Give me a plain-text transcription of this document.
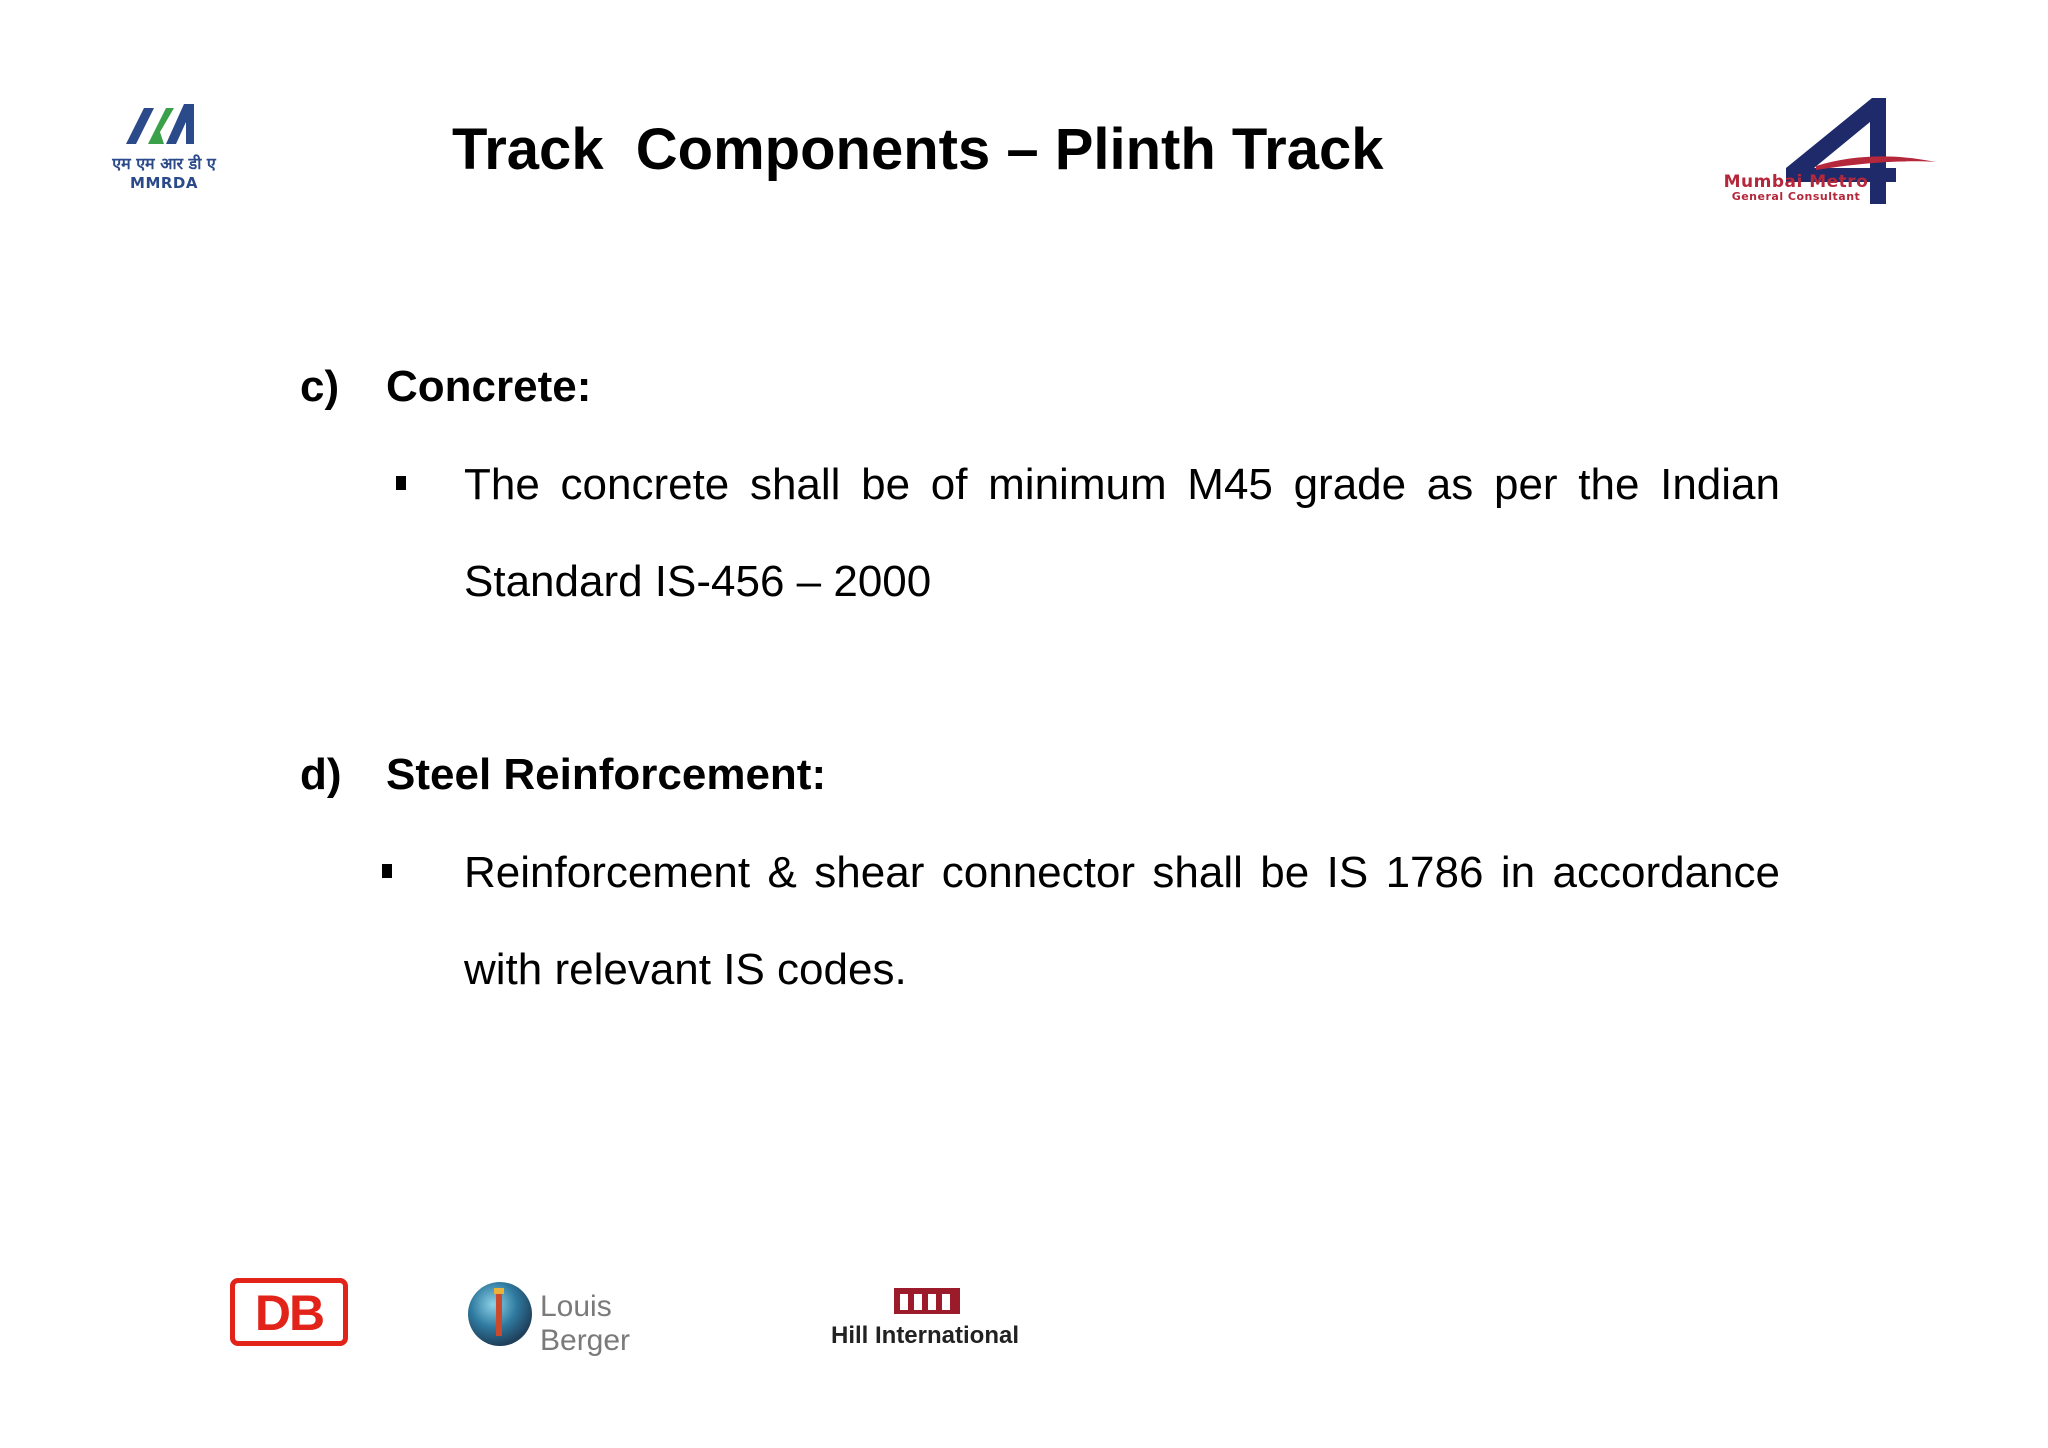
एम एम आर डी ए
MMRDA
Track  Components – Plinth Track	Mumbai Metro
General Consultant
c) Concrete:
The concrete shall be of minimum M45 grade as per the Indian Standard IS-456 – 2000
d) Steel Reinforcement:
Reinforcement & shear connector shall be IS 1786 in accordance with relevant IS codes.
DB	Louis Berger	Hill International
